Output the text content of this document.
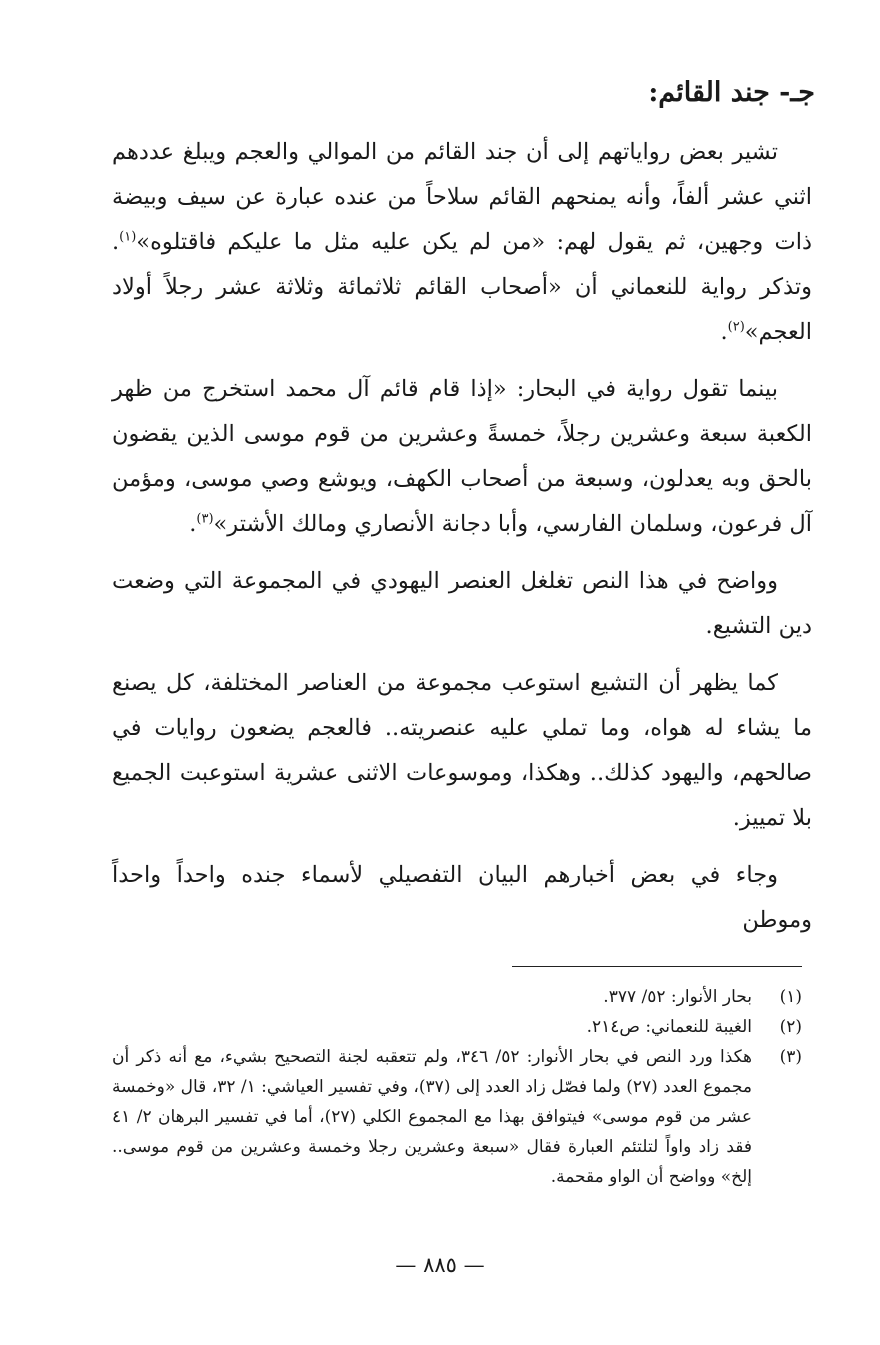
جـ- جند القائم:

تشير بعض رواياتهم إلى أن جند القائم من الموالي والعجم ويبلغ عددهم اثني عشر ألفاً، وأنه يمنحهم القائم سلاحاً من عنده عبارة عن سيف وبيضة ذات وجهين، ثم يقول لهم: «من لم يكن عليه مثل ما عليكم فاقتلوه»$^{(١)}$. وتذكر رواية للنعماني أن «أصحاب القائم ثلاثمائة وثلاثة عشر رجلاً أولاد العجم»$^{(٢)}$.

بينما تقول رواية في البحار: «إذا قام قائم آل محمد استخرج من ظهر الكعبة سبعة وعشرين رجلاً، خمسةً وعشرين من قوم موسى الذين يقضون بالحق وبه يعدلون، وسبعة من أصحاب الكهف، ويوشع وصي موسى، ومؤمن آل فرعون، وسلمان الفارسي، وأبا دجانة الأنصاري ومالك الأشتر»$^{(٣)}$.

وواضح في هذا النص تغلغل العنصر اليهودي في المجموعة التي وضعت دين التشيع.

كما يظهر أن التشيع استوعب مجموعة من العناصر المختلفة، كل يصنع ما يشاء له هواه، وما تملي عليه عنصريته.. فالعجم يضعون روايات في صالحهم، واليهود كذلك.. وهكذا، وموسوعات الاثنى عشرية استوعبت الجميع بلا تمييز.

وجاء في بعض أخبارهم البيان التفصيلي لأسماء جنده واحداً واحداً وموطن

(١)
بحار الأنوار: ٥٢/ ٣٧٧.
(٢)
الغيبة للنعماني: ص٢١٤.
(٣)
هكذا ورد النص في بحار الأنوار: ٥٢/ ٣٤٦، ولم تتعقبه لجنة التصحيح بشيء، مع أنه ذكر أن مجموع العدد (٢٧) ولما فصّل زاد العدد إلى (٣٧)، وفي تفسير العياشي: ١/ ٣٢، قال «وخمسة عشر من قوم موسى» فيتوافق بهذا مع المجموع الكلي (٢٧)، أما في تفسير البرهان ٢/ ٤١ فقد زاد واواً لتلتئم العبارة فقال «سبعة وعشرين رجلا وخمسة وعشرين من قوم موسى.. إلخ» وواضح أن الواو مقحمة.
— ٨٨٥ —
